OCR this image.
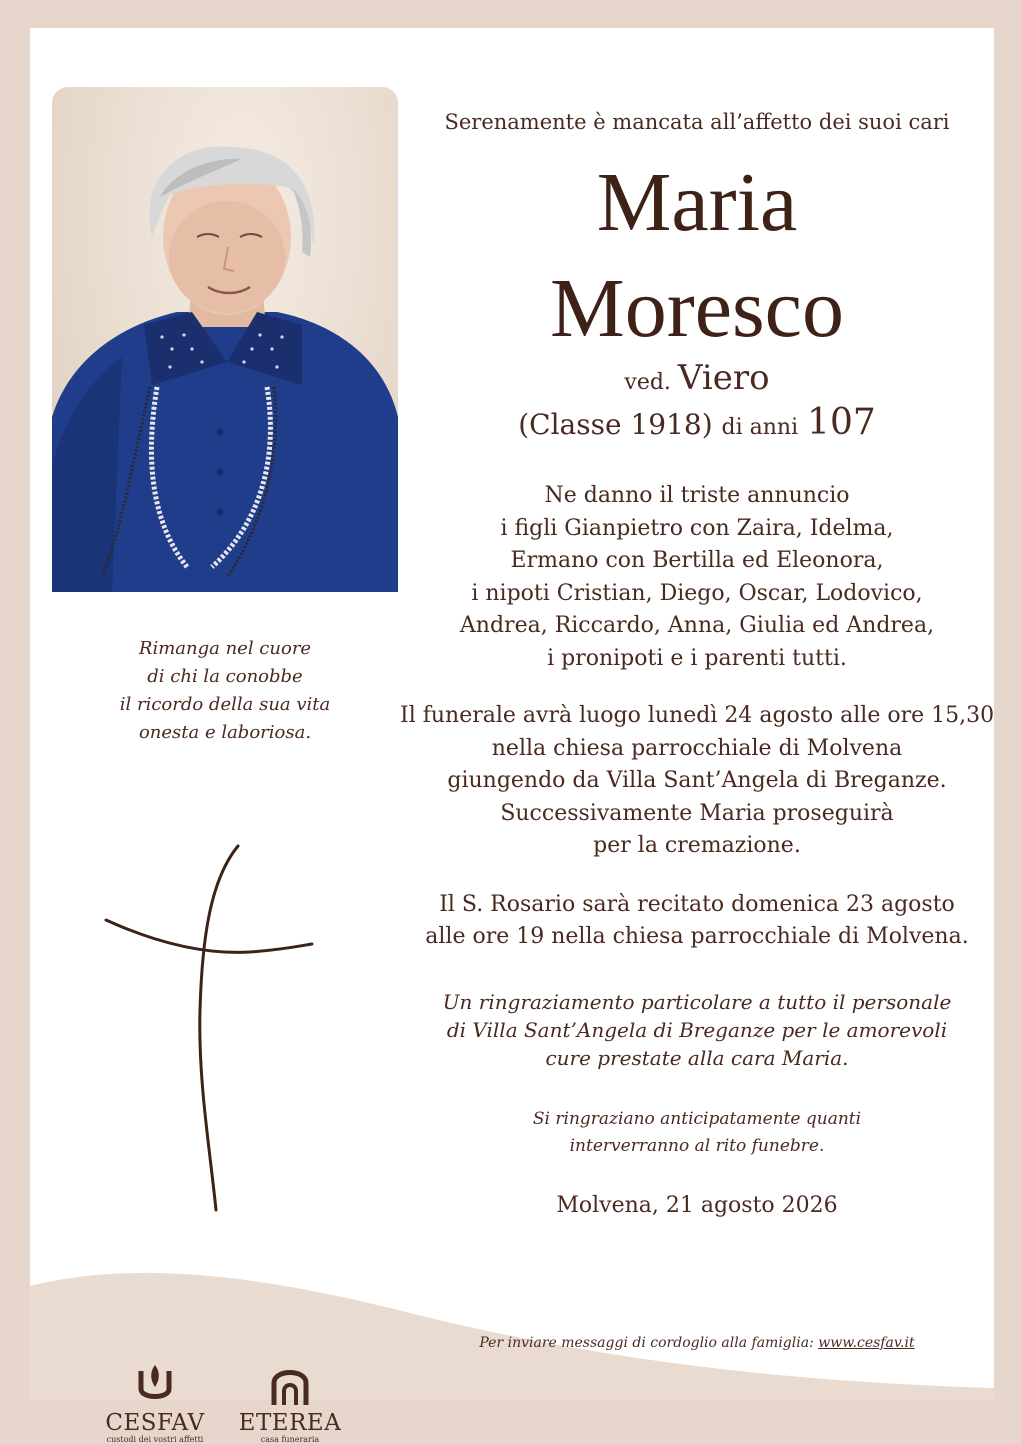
Rimanga nel cuore
di chi la conobbe
il ricordo della sua vita
onesta e laboriosa.
Serenamente è mancata all’affetto dei suoi cari
Maria
Moresco
ved. Viero
(Classe 1918) di anni 107
Ne danno il triste annuncio
i figli Gianpietro con Zaira, Idelma,
Ermano con Bertilla ed Eleonora,
i nipoti Cristian, Diego, Oscar, Lodovico,
Andrea, Riccardo, Anna, Giulia ed Andrea,
i pronipoti e i parenti tutti.
Il funerale avrà luogo lunedì 24 agosto alle ore 15,30
nella chiesa parrocchiale di Molvena
giungendo da Villa Sant’Angela di Breganze.
Successivamente Maria proseguirà
per la cremazione.
Il S. Rosario sarà recitato domenica 23 agosto
alle ore 19 nella chiesa parrocchiale di Molvena.
Un ringraziamento particolare a tutto il personale
di Villa Sant’Angela di Breganze per le amorevoli
cure prestate alla cara Maria.
Si ringraziano anticipatamente quanti
interverranno al rito funebre.
Molvena, 21 agosto 2026
Per inviare messaggi di cordoglio alla famiglia: www.cesfav.it
CESFAV
custodi dei vostri affetti
ETEREA
casa funeraria
